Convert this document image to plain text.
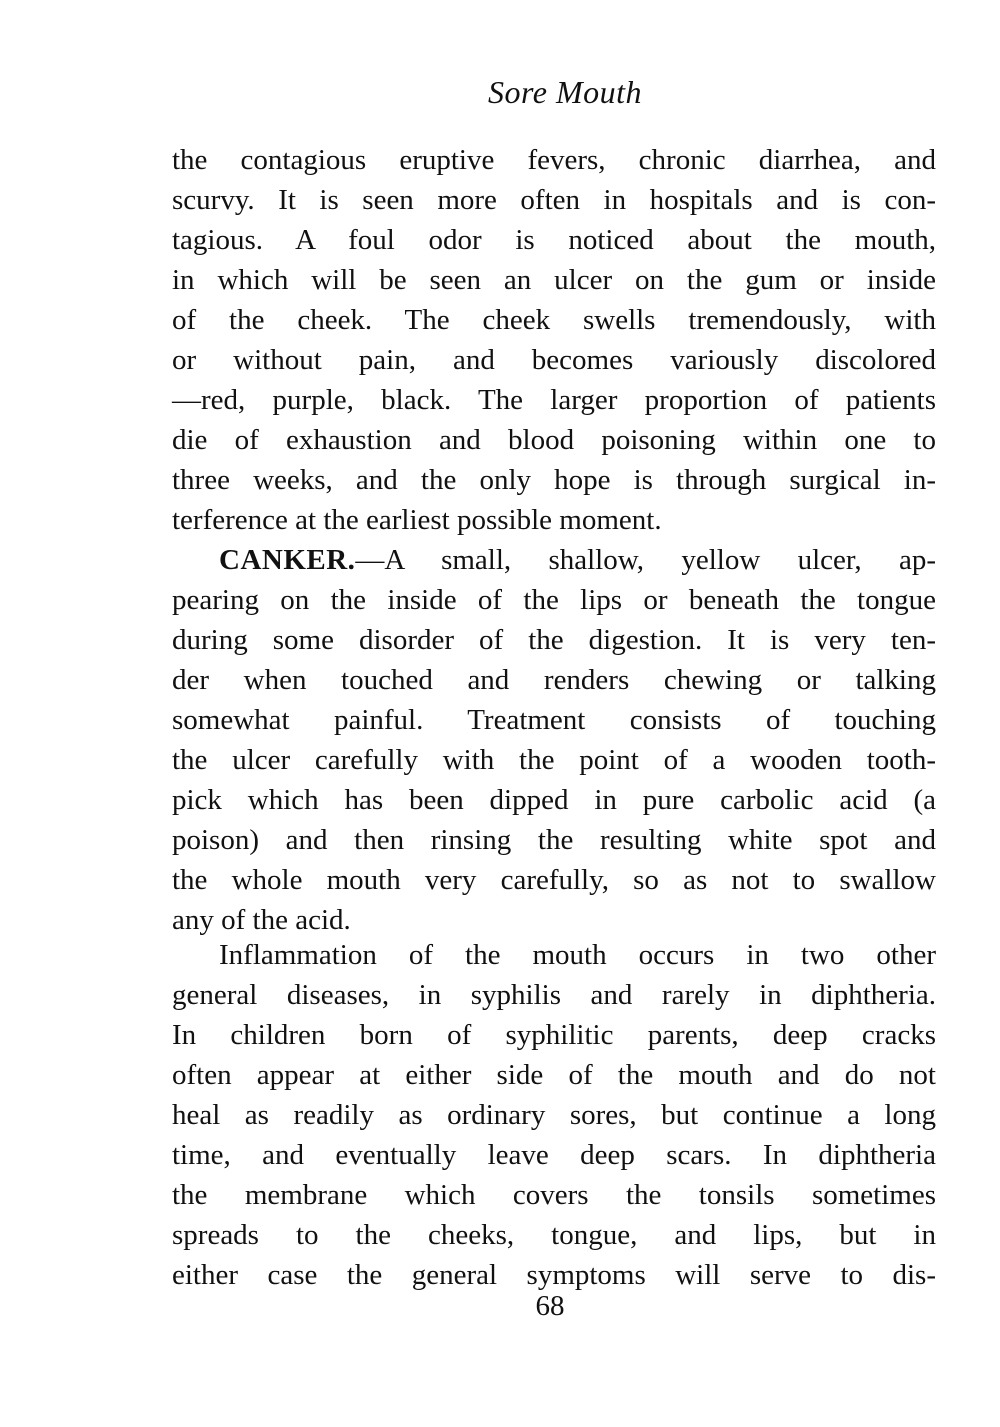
Sore Mouth
the contagious eruptive fevers, chronic diarrhea, and
scurvy. It is seen more often in hospitals and is con-
tagious. A foul odor is noticed about the mouth,
in which will be seen an ulcer on the gum or inside
of the cheek. The cheek swells tremendously, with
or without pain, and becomes variously discolored
—red, purple, black. The larger proportion of patients
die of exhaustion and blood poisoning within one to
three weeks, and the only hope is through surgical in-
terference at the earliest possible moment.
CANKER.—A small, shallow, yellow ulcer, ap-
pearing on the inside of the lips or beneath the tongue
during some disorder of the digestion. It is very ten-
der when touched and renders chewing or talking
somewhat painful. Treatment consists of touching
the ulcer carefully with the point of a wooden tooth-
pick which has been dipped in pure carbolic acid (a
poison) and then rinsing the resulting white spot and
the whole mouth very carefully, so as not to swallow
any of the acid.
Inflammation of the mouth occurs in two other
general diseases, in syphilis and rarely in diphtheria.
In children born of syphilitic parents, deep cracks
often appear at either side of the mouth and do not
heal as readily as ordinary sores, but continue a long
time, and eventually leave deep scars. In diphtheria
the membrane which covers the tonsils sometimes
spreads to the cheeks, tongue, and lips, but in
either case the general symptoms will serve to dis-
68
